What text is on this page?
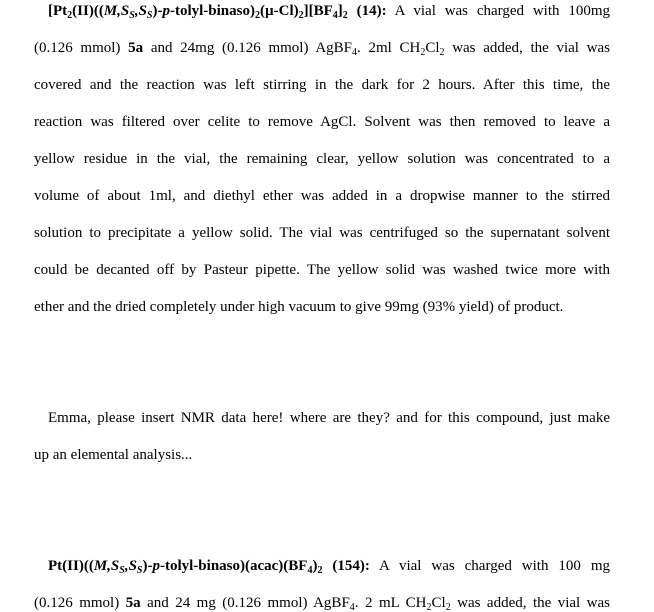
$[Pt_2(II)((M,S_S,S_S)-p-tolyl-binaso)_2(\mu-Cl)_2][BF_4]_2$ (14): A vial was charged with 100mg
(0.126 mmol) 5a and 24mg (0.126 mmol) AgBF$_4$. 2ml $CH_2Cl_2$ was added, the vial was
covered and the reaction was left stirring in the dark for 2 hours. After this time, the
reaction was filtered over celite to remove AgCl. Solvent was then removed to leave a
yellow residue in the vial, the remaining clear, yellow solution was concentrated to a
volume of about 1ml, and diethyl ether was added in a dropwise manner to the stirred
solution to precipitate a yellow solid. The vial was centrifuged so the supernatant solvent
could be decanted off by Pasteur pipette. The yellow solid was washed twice more with
ether and the dried completely under high vacuum to give 99mg (93% yield) of product.
Emma, please insert NMR data here! where are they? and for this compound, just make
up an elemental analysis...
$Pt(II)((M,S_S,S_S)-p-tolyl-binaso)(acac)(BF_4)_2$ (154): A vial was charged with 100 mg
(0.126 mmol) 5a and 24 mg (0.126 mmol) AgBF$_4$. 2 mL $CH_2Cl_2$ was added, the vial was
